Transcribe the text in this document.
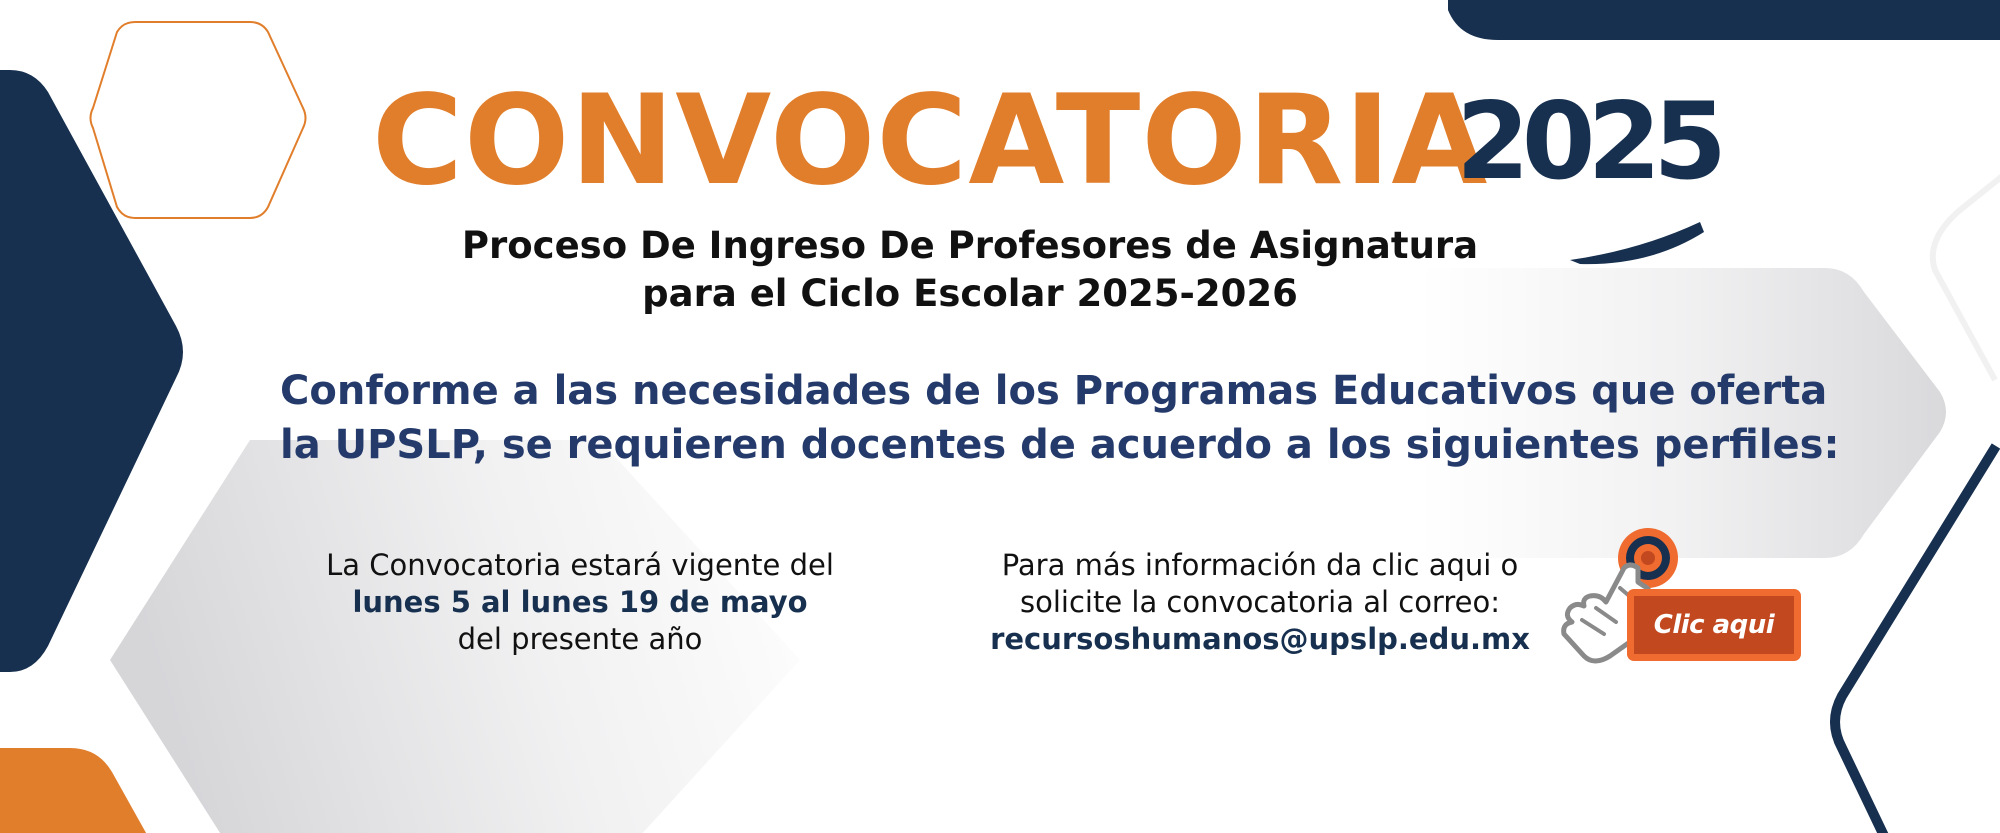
CONVOCATORIA
2025
Proceso De Ingreso De Profesores de Asignatura
para el Ciclo Escolar 2025-2026
Conforme a las necesidades de los Programas Educativos que oferta
la UPSLP, se requieren docentes de acuerdo a los siguientes perfiles:
La Convocatoria estará vigente del
lunes 5 al lunes 19 de mayo
del presente año
Para más información da clic aqui o
solicite la convocatoria al correo:
recursoshumanos@upslp.edu.mx	Clic aqui
